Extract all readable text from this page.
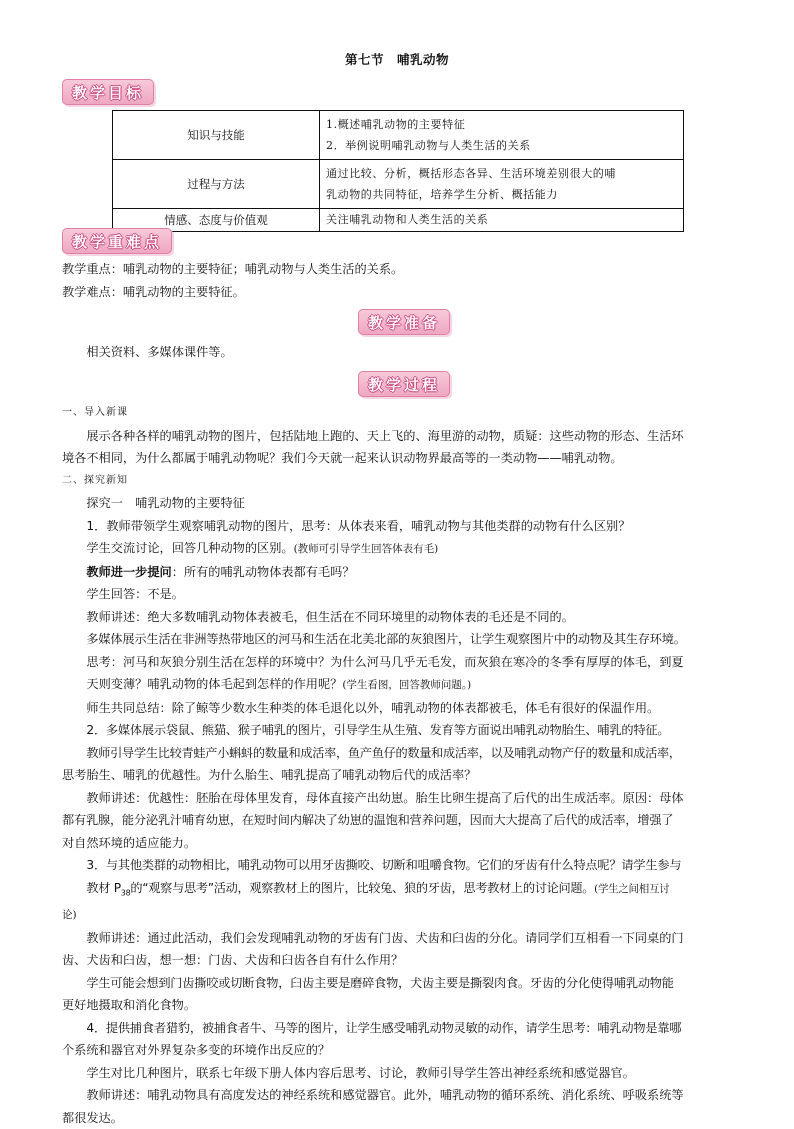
第七节　哺乳动物
教学目标
知识与技能	1.概述哺乳动物的主要特征
2．举例说明哺乳动物与人类生活的关系

过程与方法	通过比较、分析，概括形态各异、生活环境差别很大的哺
乳动物的共同特征，培养学生分析、概括能力

情感、态度与价值观	关注哺乳动物和人类生活的关系
教学重难点

教学重点：哺乳动物的主要特征；哺乳动物与人类生活的关系。

教学难点：哺乳动物的主要特征。

教学准备

相关资料、多媒体课件等。

教学过程

一、导入新课

展示各种各样的哺乳动物的图片，包括陆地上跑的、天上飞的、海里游的动物，质疑：这些动物的形态、生活环

境各不相同，为什么都属于哺乳动物呢？我们今天就一起来认识动物界最高等的一类动物——哺乳动物。

二、探究新知

探究一　哺乳动物的主要特征

1．教师带领学生观察哺乳动物的图片，思考：从体表来看，哺乳动物与其他类群的动物有什么区别？

学生交流讨论，回答几种动物的区别。(教师可引导学生回答体表有毛)

教师进一步提问：所有的哺乳动物体表都有毛吗？

学生回答：不是。

教师讲述：绝大多数哺乳动物体表被毛，但生活在不同环境里的动物体表的毛还是不同的。

多媒体展示生活在非洲等热带地区的河马和生活在北美北部的灰狼图片，让学生观察图片中的动物及其生存环境。

思考：河马和灰狼分别生活在怎样的环境中？为什么河马几乎无毛发，而灰狼在寒冷的冬季有厚厚的体毛，到夏

天则变薄？哺乳动物的体毛起到怎样的作用呢？(学生看图，回答教师问题。)

师生共同总结：除了鲸等少数水生种类的体毛退化以外，哺乳动物的体表都被毛，体毛有很好的保温作用。

2．多媒体展示袋鼠、熊猫、猴子哺乳的图片，引导学生从生殖、发育等方面说出哺乳动物胎生、哺乳的特征。

教师引导学生比较青蛙产小蝌蚪的数量和成活率，鱼产鱼仔的数量和成活率，以及哺乳动物产仔的数量和成活率，

思考胎生、哺乳的优越性。为什么胎生、哺乳提高了哺乳动物后代的成活率？

教师讲述：优越性：胚胎在母体里发育，母体直接产出幼崽。胎生比卵生提高了后代的出生成活率。原因：母体

都有乳腺，能分泌乳汁哺育幼崽，在短时间内解决了幼崽的温饱和营养问题，因而大大提高了后代的成活率，增强了

对自然环境的适应能力。

3．与其他类群的动物相比，哺乳动物可以用牙齿撕咬、切断和咀嚼食物。它们的牙齿有什么特点呢？请学生参与

教材 $P_{38}$的“观察与思考”活动，观察教材上的图片，比较兔、狼的牙齿，思考教材上的讨论问题。(学生之间相互讨

论)

教师讲述：通过此活动，我们会发现哺乳动物的牙齿有门齿、犬齿和臼齿的分化。请同学们互相看一下同桌的门

齿、犬齿和臼齿，想一想：门齿、犬齿和臼齿各自有什么作用？

学生可能会想到门齿撕咬或切断食物，臼齿主要是磨碎食物，犬齿主要是撕裂肉食。牙齿的分化使得哺乳动物能

更好地摄取和消化食物。

4．提供捕食者猎豹，被捕食者牛、马等的图片，让学生感受哺乳动物灵敏的动作，请学生思考：哺乳动物是靠哪

个系统和器官对外界复杂多变的环境作出反应的？

学生对比几种图片，联系七年级下册人体内容后思考、讨论，教师引导学生答出神经系统和感觉器官。

教师讲述：哺乳动物具有高度发达的神经系统和感觉器官。此外，哺乳动物的循环系统、消化系统、呼吸系统等

都很发达。
